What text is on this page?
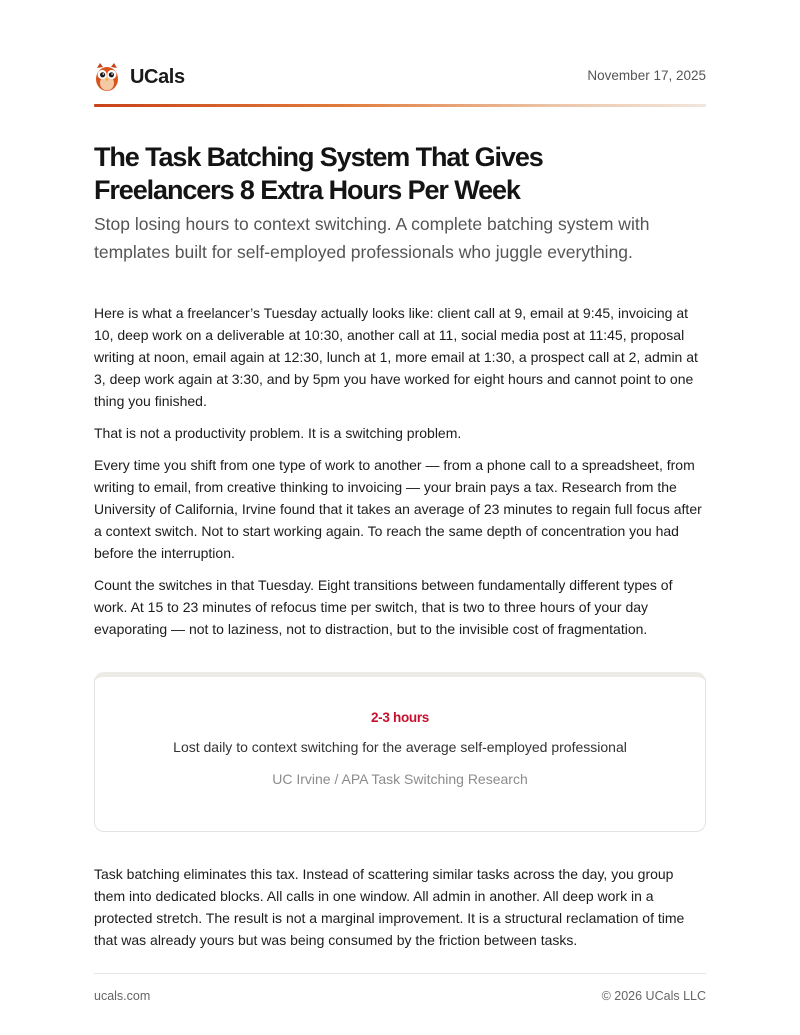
UCals	November 17, 2025
The Task Batching System That Gives
Freelancers 8 Extra Hours Per Week
Stop losing hours to context switching. A complete batching system with templates built for self-employed professionals who juggle everything.

Here is what a freelancer’s Tuesday actually looks like: client call at 9, email at 9:45, invoicing at 10, deep work on a deliverable at 10:30, another call at 11, social media post at 11:45, proposal writing at noon, email again at 12:30, lunch at 1, more email at 1:30, a prospect call at 2, admin at 3, deep work again at 3:30, and by 5pm you have worked for eight hours and cannot point to one thing you finished.

That is not a productivity problem. It is a switching problem.

Every time you shift from one type of work to another — from a phone call to a spreadsheet, from writing to email, from creative thinking to invoicing — your brain pays a tax. Research from the University of California, Irvine found that it takes an average of 23 minutes to regain full focus after a context switch. Not to start working again. To reach the same depth of concentration you had before the interruption.

Count the switches in that Tuesday. Eight transitions between fundamentally different types of work. At 15 to 23 minutes of refocus time per switch, that is two to three hours of your day evaporating — not to laziness, not to distraction, but to the invisible cost of fragmentation.

2-3 hours
Lost daily to context switching for the average self-employed professional
UC Irvine / APA Task Switching Research
Task batching eliminates this tax. Instead of scattering similar tasks across the day, you group them into dedicated blocks. All calls in one window. All admin in another. All deep work in a protected stretch. The result is not a marginal improvement. It is a structural reclamation of time that was already yours but was being consumed by the friction between tasks.
ucals.com	© 2026 UCals LLC
